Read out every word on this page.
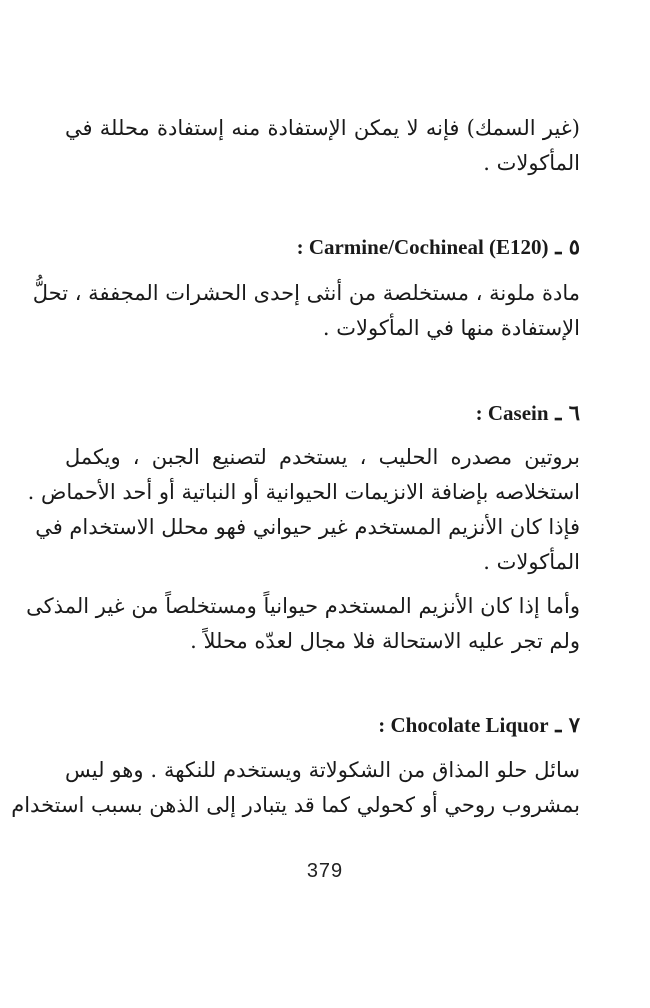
(غير السمك) فإنه لا يمكن الإستفادة منه إستفادة محللة في
المأكولات .
٥ ـ : Carmine/Cochineal (E120)
مادة ملونة ، مستخلصة من أنثى إحدى الحشرات المجففة ، تحلُّ
الإستفادة منها في المأكولات .
٦ ـ : Casein
بروتين مصدره الحليب ، يستخدم لتصنيع الجبن ، ويكمل
استخلاصه بإضافة الانزيمات الحيوانية أو النباتية أو أحد الأحماض .
فإذا كان الأنزيم المستخدم غير حيواني فهو محلل الاستخدام في
المأكولات .
وأما إذا كان الأنزيم المستخدم حيوانياً ومستخلصاً من غير المذكى
ولم تجر عليه الاستحالة فلا مجال لعدّه محللاً .
٧ ـ : Chocolate Liquor
سائل حلو المذاق من الشكولاتة ويستخدم للنكهة . وهو ليس
بمشروب روحي أو كحولي كما قد يتبادر إلى الذهن بسبب استخدام
379
